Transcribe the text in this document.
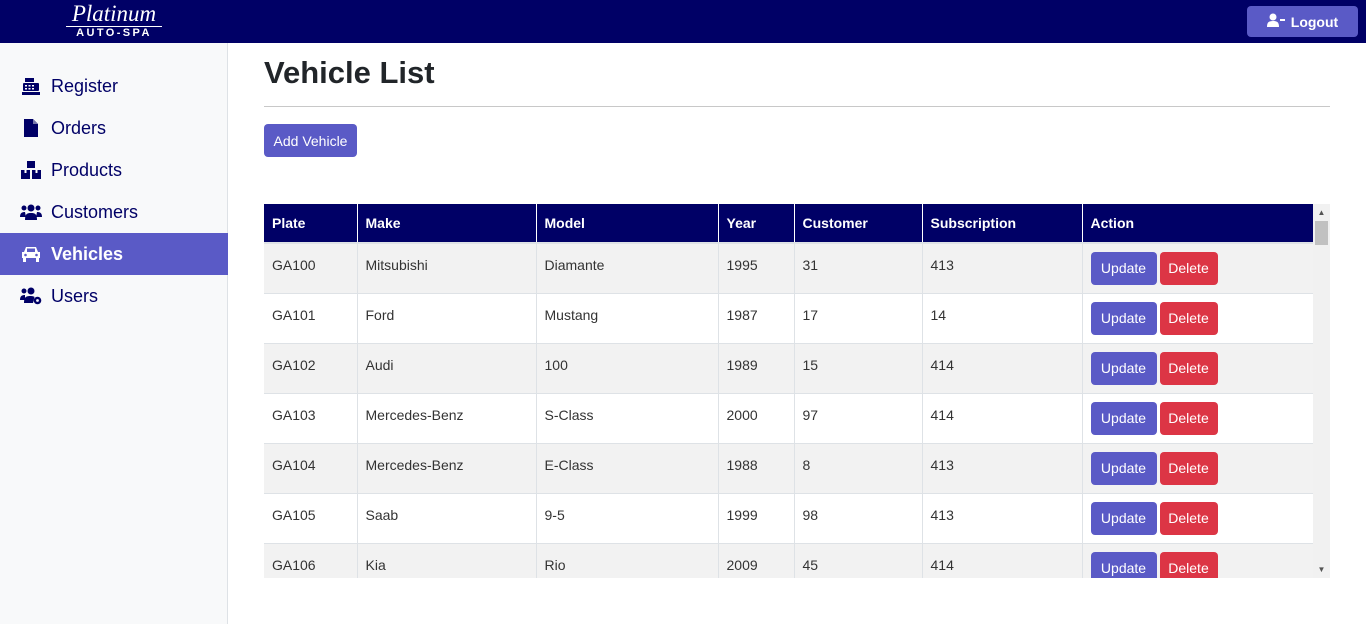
Platinum
AUTO-SPA
Logout
Register
Orders
Products
Customers
Vehicles
Users
Vehicle List
Add Vehicle
Plate	Make	Model	Year	Customer	Subscription	Action
GA100	Mitsubishi	Diamante	1995	31	413	Update Delete
GA101	Ford	Mustang	1987	17	14	Update Delete
GA102	Audi	100	1989	15	414	Update Delete
GA103	Mercedes-Benz	S-Class	2000	97	414	Update Delete
GA104	Mercedes-Benz	E-Class	1988	8	413	Update Delete
GA105	Saab	9-5	1999	98	413	Update Delete
GA106	Kia	Rio	2009	45	414	Update Delete
▲
▼
